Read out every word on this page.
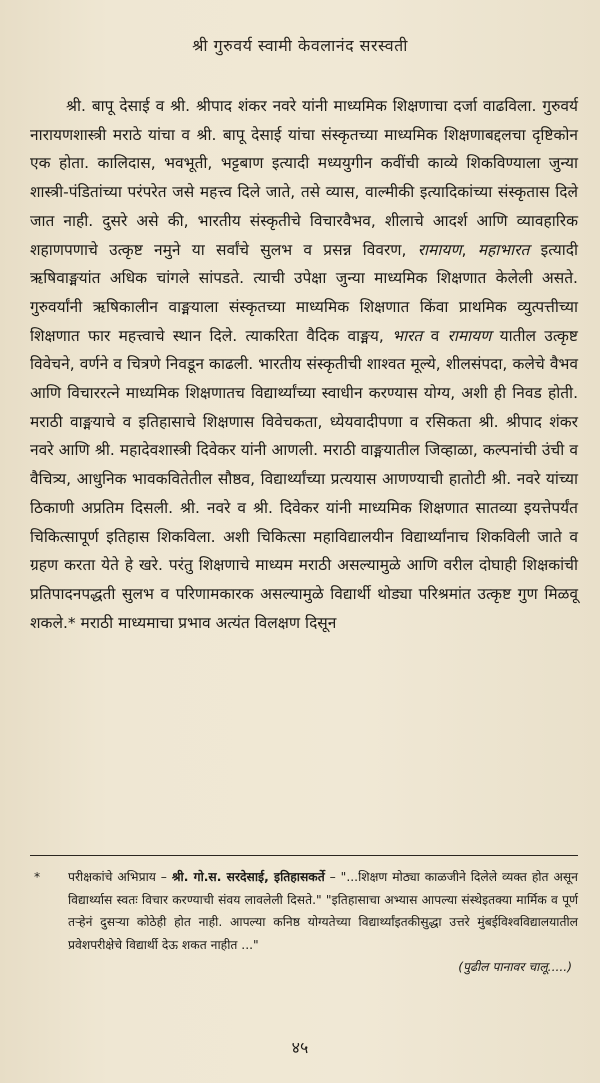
श्री गुरुवर्य स्वामी केवलानंद सरस्वती

श्री. बापू देसाई व श्री. श्रीपाद शंकर नवरे यांनी माध्यमिक शिक्षणाचा दर्जा वाढविला. गुरुवर्य नारायणशास्त्री मराठे यांचा व श्री. बापू देसाई यांचा संस्कृतच्या माध्यमिक शिक्षणाबद्दलचा दृष्टिकोन एक होता. कालिदास, भवभूती, भट्टबाण इत्यादी मध्ययुगीन कवींची काव्ये शिकविण्याला जुन्या शास्त्री-पंडितांच्या परंपरेत जसे महत्त्व दिले जाते, तसे व्यास, वाल्मीकी इत्यादिकांच्या संस्कृतास दिले जात नाही. दुसरे असे की, भारतीय संस्कृतीचे विचारवैभव, शीलाचे आदर्श आणि व्यावहारिक शहाणपणाचे उत्कृष्ट नमुने या सर्वांचे सुलभ व प्रसन्न विवरण, रामायण, महाभारत इत्यादी ऋषिवाङ्मयांत अधिक चांगले सांपडते. त्याची उपेक्षा जुन्या माध्यमिक शिक्षणात केलेली असते. गुरुवर्यांनी ऋषिकालीन वाङ्मयाला संस्कृतच्या माध्यमिक शिक्षणात किंवा प्राथमिक व्युत्पत्तीच्या शिक्षणात फार महत्त्वाचे स्थान दिले. त्याकरिता वैदिक वाङ्मय, भारत व रामायण यातील उत्कृष्ट विवेचने, वर्णने व चित्रणे निवडून काढली. भारतीय संस्कृतीची शाश्वत मूल्ये, शीलसंपदा, कलेचे वैभव आणि विचाररत्ने माध्यमिक शिक्षणातच विद्यार्थ्यांच्या स्वाधीन करण्यास योग्य, अशी ही निवड होती. मराठी वाङ्मयाचे व इतिहासाचे शिक्षणास विवेचकता, ध्येयवादीपणा व रसिकता श्री. श्रीपाद शंकर नवरे आणि श्री. महादेवशास्त्री दिवेकर यांनी आणली. मराठी वाङ्मयातील जिव्हाळा, कल्पनांची उंची व वैचित्र्य, आधुनिक भावकवितेतील सौष्ठव, विद्यार्थ्यांच्या प्रत्ययास आणण्याची हातोटी श्री. नवरे यांच्या ठिकाणी अप्रतिम दिसली. श्री. नवरे व श्री. दिवेकर यांनी माध्यमिक शिक्षणात सातव्या इयत्तेपर्यंत चिकित्सापूर्ण इतिहास शिकविला. अशी चिकित्सा महाविद्यालयीन विद्यार्थ्यांनाच शिकविली जाते व ग्रहण करता येते हे खरे. परंतु शिक्षणाचे माध्यम मराठी असल्यामुळे आणि वरील दोघाही शिक्षकांची प्रतिपादनपद्धती सुलभ व परिणामकारक असल्यामुळे विद्यार्थी थोड्या परिश्रमांत उत्कृष्ट गुण मिळवू शकले.* मराठी माध्यमाचा प्रभाव अत्यंत विलक्षण दिसून

* परीक्षकांचे अभिप्राय – श्री. गो.स. सरदेसाई, इतिहासकर्ते – "...शिक्षण मोठ्या काळजीने दिलेले व्यक्त होत असून विद्यार्थ्यास स्वतः विचार करण्याची संवय लावलेली दिसते." "इतिहासाचा अभ्यास आपल्या संस्थेइतक्या मार्मिक व पूर्ण तऱ्हेनं दुसऱ्या कोठेही होत नाही. आपल्या कनिष्ठ योग्यतेच्या विद्यार्थ्यांइतकीसुद्धा उत्तरे मुंबईविश्वविद्यालयातील प्रवेशपरीक्षेचे विद्यार्थी देऊ शकत नाहीत ..."
(पुढील पानावर चालू.....)
४५
